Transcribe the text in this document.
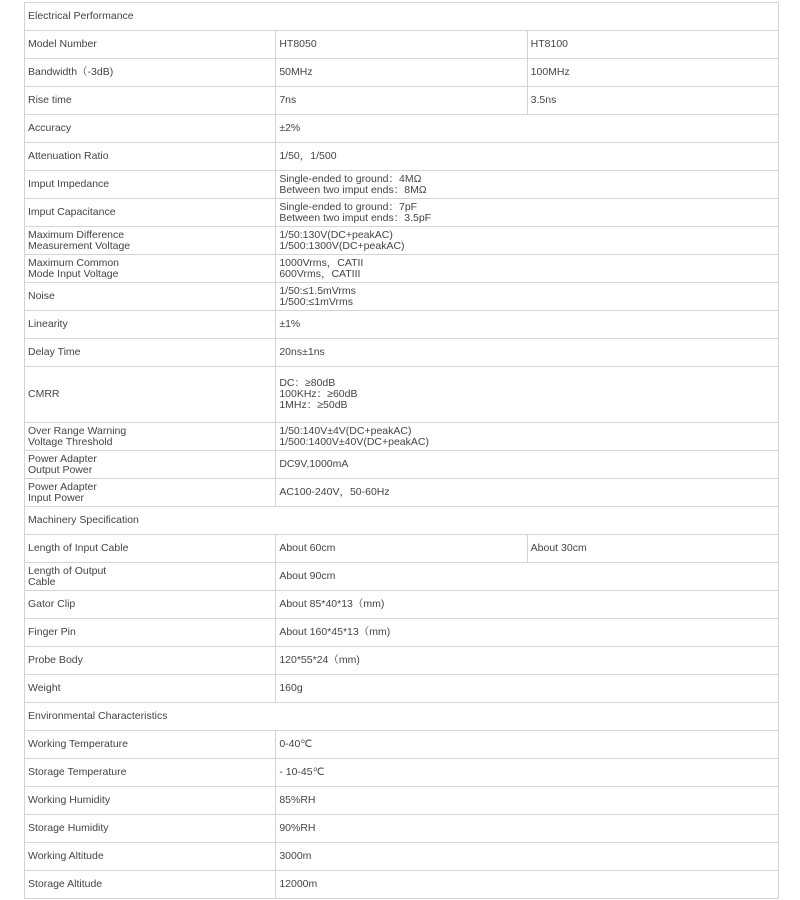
Electrical Performance		

Model Number	HT8050	HT8100

Bandwidth（-3dB)	50MHz	100MHz

Rise time	7ns	3.5ns

Accuracy	±2%	

Attenuation Ratio	1/50，1/500	

Imput Impedance	Single-ended to ground：4MΩ
Between two imput ends：8MΩ	

Imput Capacitance	Single-ended to ground：7pF
Between two imput ends：3.5pF	

Maximum Difference
Measurement Voltage	1/50:130V(DC+peakAC)
1/500:1300V(DC+peakAC)	

Maximum Common
Mode Input Voltage	1000Vrms，CATII
600Vrms，CATIII	

Noise	1/50:≤1.5mVrms
1/500:≤1mVrms	

Linearity	±1%	

Delay Time	20ns±1ns	

CMRR	DC：≥80dB
100KHz：≥60dB
1MHz：≥50dB	

Over Range Warning
Voltage Threshold	1/50:140V±4V(DC+peakAC)
1/500:1400V±40V(DC+peakAC)	

Power Adapter
Output Power	DC9V,1000mA	

Power Adapter
Input Power	AC100-240V，50-60Hz	

Machinery Specification		

Length of Input Cable	About 60cm	About 30cm

Length of Output
Cable	About 90cm	

Gator Clip	About 85*40*13（mm)	

Finger Pin	About 160*45*13（mm)	

Probe Body	120*55*24（mm)	

Weight	160g	

Environmental Characteristics		

Working Temperature	0-40℃	

Storage Temperature	- 10-45℃	

Working Humidity	85%RH	

Storage Humidity	90%RH	

Working Altitude	3000m	

Storage Altitude	12000m	
